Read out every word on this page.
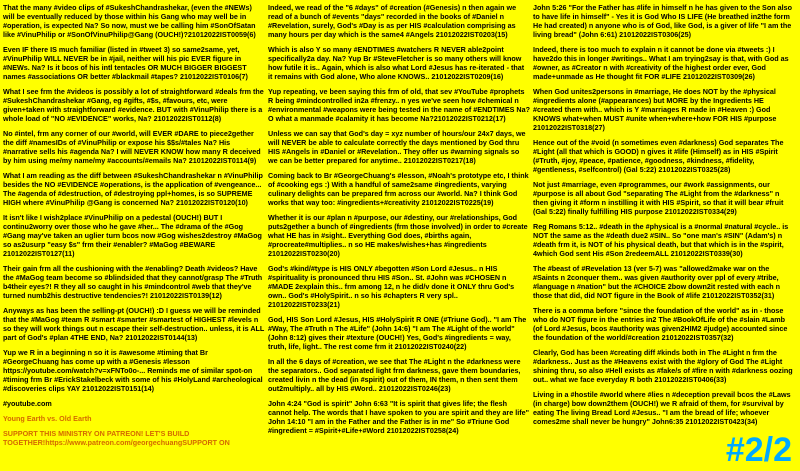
That the many #video clips of #SukeshChandrashekar, (even the #NEWs) will be eventually reduced by those within his Gang who may well be in #operation, is expected Na? So now, must we be calling him #SonOfSatan like #VinuPhilip or #SonOfVinuPhilip@Gang (OUCH!)?21012022IST0059(6)

Even IF there IS much familiar (listed in #tweet 3) so same2same, yet, #VinuPhilip WILL NEVER be in #jail, neither will his pic EVER figure in #NEWs. Na? Is it bcos of his intl tentacles OR MUCH BIGGER BIGGEST names #associations OR better #blackmail #tapes? 21012022IST0106(7)

What I see frm the #videos is possibly a lot of straightforward #deals frm the #SukeshChandrashekar #Gang, eg #gifts, #$s, #favours, etc, were given+taken with straightforward #evidence. BUT with #VinuPhilip there is a whole load of "NO #EVIDENCE" works, Na? 21012022IST0112(8)

No #intel, frm any corner of our #world, will EVER #DARE to piece2gether the diff #namesIDs of #VinuPhilip or expose his $$s/#tales Na? His #narrative sells his #agenda Na? I will NEVER KNOW how many R deceived by him using me/my name/my #accounts/#emails Na? 21012022IST0114(9)

What I am reading as the diff between #SukeshChandrashekar n #VinuPhilip besides the NO #EVIDENCE #operations, is the application of #vengeance... The #agenda of #destruction, of #destroying ppl+homes, is so SUPREME HIGH where #VinuPhilip @Gang is concerned Na? 21012022IST0120(10)

It isn't like I wish2place #VinuPhilip on a pedestal (OUCH!) BUT I continu2worry over those who he gave #her... The #drama of the #Gog #Gang may've taken an uglier turn bcos now #Gog wishes2destroy #MaGog so as2usurp "easy $s" frm their #enabler? #MaGog #BEWARE 21012022IST0127(11)

Their gain frm all the cushioning with the #enabling? Death #videos? Have the #MaGog team become so #blindsided that they cannot/grasp The #Truth b4their eyes?! R they all so caught in his #mindcontrol #web that they've turned numb2his destructive tendencies?! 21012022IST0139(12)

Anyways as has been the selling-pt (OUCH!) :D I guess we will be reminded that the #MaGog #team R #smart #smarter #smartest of HIGHEST #levels n so they will work things out n escape their self-destruction.. unless, it is ALL part of God's #plan 4THE END, Na? 21012022IST0144(13)

Yup we R in a beginning n so it is #awesome #timing that Br #GeorgeChuang has come up with a #Genesis #lesson https://youtube.com/watch?v=xFNTo0o-... Reminds me of similar spot-on #timing frm Br #ErickStakelbeck with some of his #HolyLand #archeological #discoveries clips YAY 21012022IST0151(14)

#youtube.com

Young Earth vs. Old Earth

SUPPORT THIS MINISTRY ON PATREON! LET'S BUILD TOGETHER!https://www.patreon.com/georgechuangSUPPORT ON

Indeed, we read of the "6 #days" of #creation (#Genesis) n then again we read of a bunch of #events "days" recorded in the books of #Daniel n #Revelation, surely, God's #Day is as per HIS #calculation comprising as many hours per day which is the same4 #Angels 21012022IST0203(15)

Which is also Y so many #ENDTIMES #watchers R NEVER able2point specifically2a day. Na? Yup Br #SteveFletcher is so many others will know how futile it is.. Again, which is also what Lord #Jesus has re-iterated - that it remains with God alone, Who alone KNOWS.. 21012022IST0209(16)

Yup repeating, ve been saying this frm of old, that sev #YouTube #prophets R being #mindcontrolled in2a #frenzy.. n yes we've seen how #chemical n #environmental #weapons were being tested in the name of #ENDTIMES Na? O what a manmade #calamity it has become Na?21012022IST0212(17)

Unless we can say that God's day = xyz number of hours/our 24x7 days, we will NEVER be able to calculate correctly the days mentioned by God thru HIS #Angels in #Daniel or #Revelation.. They offer us #warning signals so we can be better prepared for anytime.. 21012022IST0217(18)

Coming back to Br #GeorgeChuang's #lesson, #Noah's prototype etc, I think of #cooking egs :) With a handful of same2same #ingredients, varying culinary delights can be prepared frm across our #world. Na? I think God works that way too: #ingredients+#creativity 21012022IST0225(19)

Whether it is our #plan n #purpose, our #destiny, our #relationships, God puts2gether a bunch of #ingredients (frm those involved) in order to #create what HE has in #sight.. Everything God does, #births again, #procreate#multiplies.. n so HE makes/wishes+has #ingredients 21012022IST0230(20)

God's #kind/#type is HIS ONLY #begotten #Son Lord #Jesus.. n HIS #spirituality is pronounced thru HIS #Son.. St. #John was #CHOSEN n #MADE 2explain this.. frm among 12, n he did/v done it ONLY thru God's own.. God's #HolySpirit.. n so his #chapters R very spl.. 21012022IST0233(21)

God, HIS Son Lord #Jesus, HIS #HolySpirit R ONE (#Triune God).. "I am The #Way, The #Truth n The #Life" (John 14:6) "I am The #Light of the world" (John 8:12) gives their #texture (OUCH!) Yes, God's #ingredients = way, truth, life, light.. The rest come frm it 21012022IST0240(22)

In all the 6 days of #creation, we see that The #Light n the #darkness were the separators.. God separated light frm darkness, gave them boundaries, created livin n the dead (in #spirit) out of them, IN them, n then sent them out2multiply.. all by HIS #Word.. 21012022IST0246(23)

John 4:24 "God is spirit" John 6:63 "It is spirit that gives life; the flesh cannot help. The words that I have spoken to you are spirit and they are life" John 14:10 "I am in the Father and the Father is in me" So #Triune God #ingredient = #Spirit+#Life+#Word 21012022IST0258(24)

John 5:26 "For the Father has #life in himself n he has given to the Son also to have life in himself" - Yes it is God Who IS LIFE (He breathed in2the form He had created) n anyone who is of God, like God, is a giver of life "I am the living bread" (John 6:61) 21012022IST0306(25)

Indeed, there is too much to explain n it cannot be done via #tweets :) I have2do this in longer #writings.. What I am trying2say is that, with God as #owner, as #Creator n with #creativity of the highest order ever, God made+unmade as He thought fit FOR #LIFE 21012022IST0309(26)

When God unites2persons in #marriage, He does NOT by the #physical #ingredients alone (#appearances) but MORE by the Ingredients HE #created them with.. which is Y #marriages R made in #Heaven :) God KNOWS what+when MUST #unite when+where+how FOR HIS #purpose 21012022IST0318(27)

Hence out of the #void (n sometimes even #darkness) God separates The #Light (all that which is GOOD) n gives it #life (Himself) as in HIS #Spirit (#Truth, #joy, #peace, #patience, #goodness, #kindness, #fidelity, #gentleness, #selfcontrol) (Gal 5:22) 21012022IST0325(28)

Not just #marriage, even #programmes, our #work #assignments, our #purpose is all about God "separating The #Light from the #darkness" n then giving it #form n instilling it with HIS #Spirit, so that it will bear #fruit (Gal 5:22) finally fulfilling HIS purpose 21012022IST0334(29)

Reg Romans 5:12.. #death in the #physical is a #normal #natural #cycle.. is NOT the same as the #death due2 #SIN.. So "one man's #SIN" (Adam's) n #death frm it, is NOT of his physical death, but that which is in the #spirit, 4which God sent His #Son 2redeemALL 21012022IST0339(30)

The #beast of #Revelation 13 (ver 5-7) was "allowed2make war on the #Saints n 2conquer them.. was given #authority over ppl of every #tribe, #language n #nation" but the #CHOICE 2bow down2it rested with each n those that did, did NOT figure in the Book of #life 21012022IST0352(31)

There is a comma before "since the foundation of the world" as in - those who do NOT figure in the entries in2 The #BookOfLife of the #slain #Lamb (of Lord #Jesus, bcos #authority was given2HIM2 #judge) accounted since the foundation of the world/#creation 21012022IST0357(32)

Clearly, God has been #creating diff #kinds both in The #Light n frm the #darkness.. Just as the #Heavens exist with the #glory of God The #Light shining thru, so also #Hell exists as #fake/s of #fire n with #darkness oozing out.. what we face everyday R both 21012022IST0406(33)

Living in a #hostile #world where #lies n #deception prevail bcos the #Laws (in charge) bow down2them (OUCH!) we R afraid of them, for #survival by eating The living Bread Lord #Jesus.. "I am the bread of life; whoever comes2me shall never be hungry" John6:35 21012022IST0423(34)

#2/2
